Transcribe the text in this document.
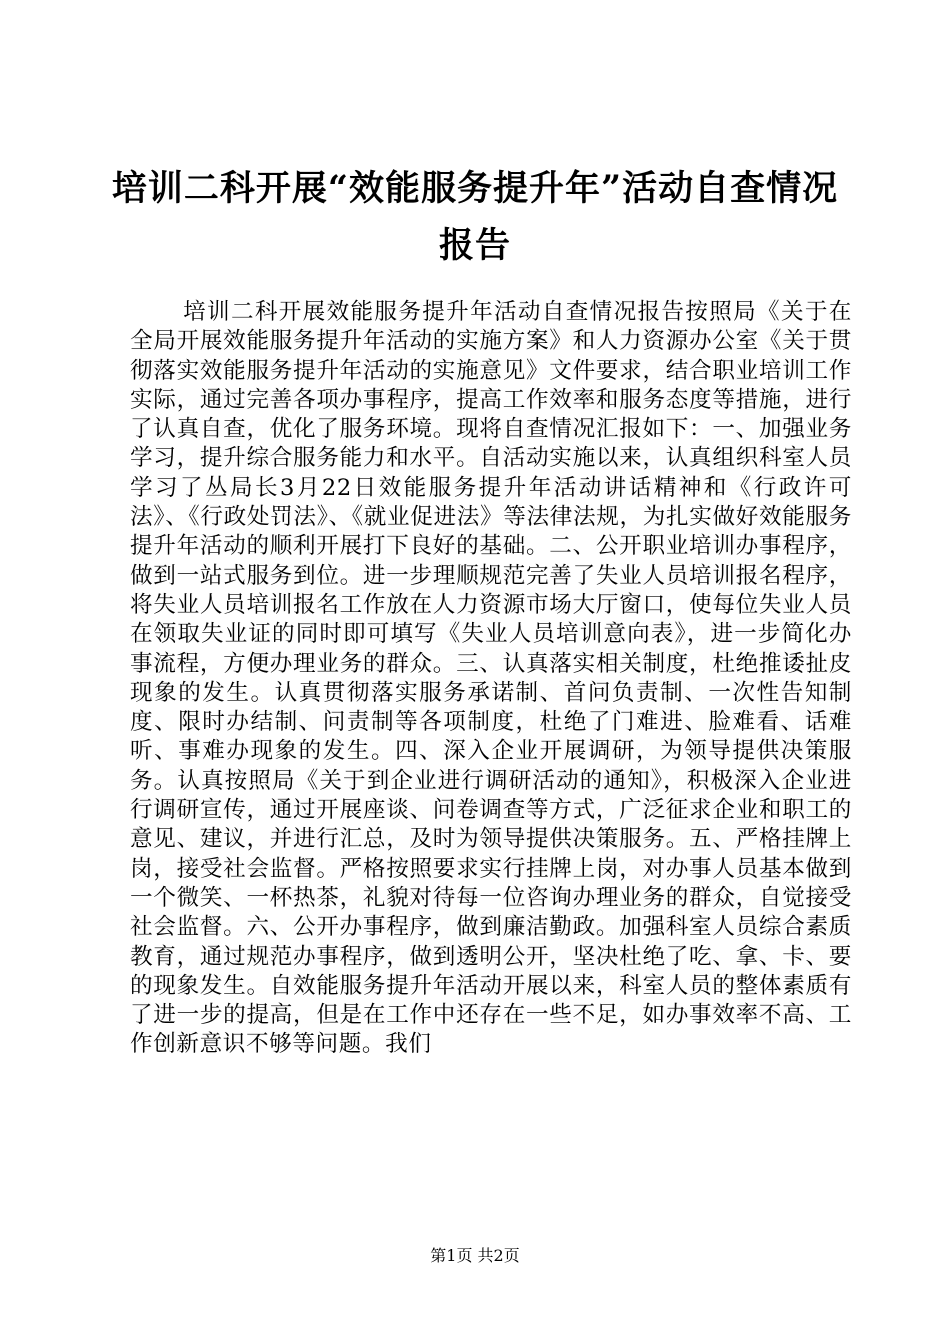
培训二科开展“效能服务提升年”活动自查情况报告

培训二科开展效能服务提升年活动自查情况报告按照局《关于在全局开展效能服务提升年活动的实施方案》和人力资源办公室《关于贯彻落实效能服务提升年活动的实施意见》文件要求，结合职业培训工作实际，通过完善各项办事程序，提高工作效率和服务态度等措施，进行了认真自查，优化了服务环境。现将自查情况汇报如下：一、加强业务学习，提升综合服务能力和水平。自活动实施以来，认真组织科室人员学习了丛局长3月22日效能服务提升年活动讲话精神和《行政许可法》、《行政处罚法》、《就业促进法》等法律法规，为扎实做好效能服务提升年活动的顺利开展打下良好的基础。二、公开职业培训办事程序，做到一站式服务到位。进一步理顺规范完善了失业人员培训报名程序，将失业人员培训报名工作放在人力资源市场大厅窗口，使每位失业人员在领取失业证的同时即可填写《失业人员培训意向表》，进一步简化办事流程，方便办理业务的群众。三、认真落实相关制度，杜绝推诿扯皮现象的发生。认真贯彻落实服务承诺制、首问负责制、一次性告知制度、限时办结制、问责制等各项制度，杜绝了门难进、脸难看、话难听、事难办现象的发生。四、深入企业开展调研，为领导提供决策服务。认真按照局《关于到企业进行调研活动的通知》，积极深入企业进行调研宣传，通过开展座谈、问卷调查等方式，广泛征求企业和职工的意见、建议，并进行汇总，及时为领导提供决策服务。五、严格挂牌上岗，接受社会监督。严格按照要求实行挂牌上岗，对办事人员基本做到一个微笑、一杯热茶，礼貌对待每一位咨询办理业务的群众，自觉接受社会监督。六、公开办事程序，做到廉洁勤政。加强科室人员综合素质教育，通过规范办事程序，做到透明公开，坚决杜绝了吃、拿、卡、要的现象发生。自效能服务提升年活动开展以来，科室人员的整体素质有了进一步的提高，但是在工作中还存在一些不足，如办事效率不高、工作创新意识不够等问题。我们

第1页 共2页
